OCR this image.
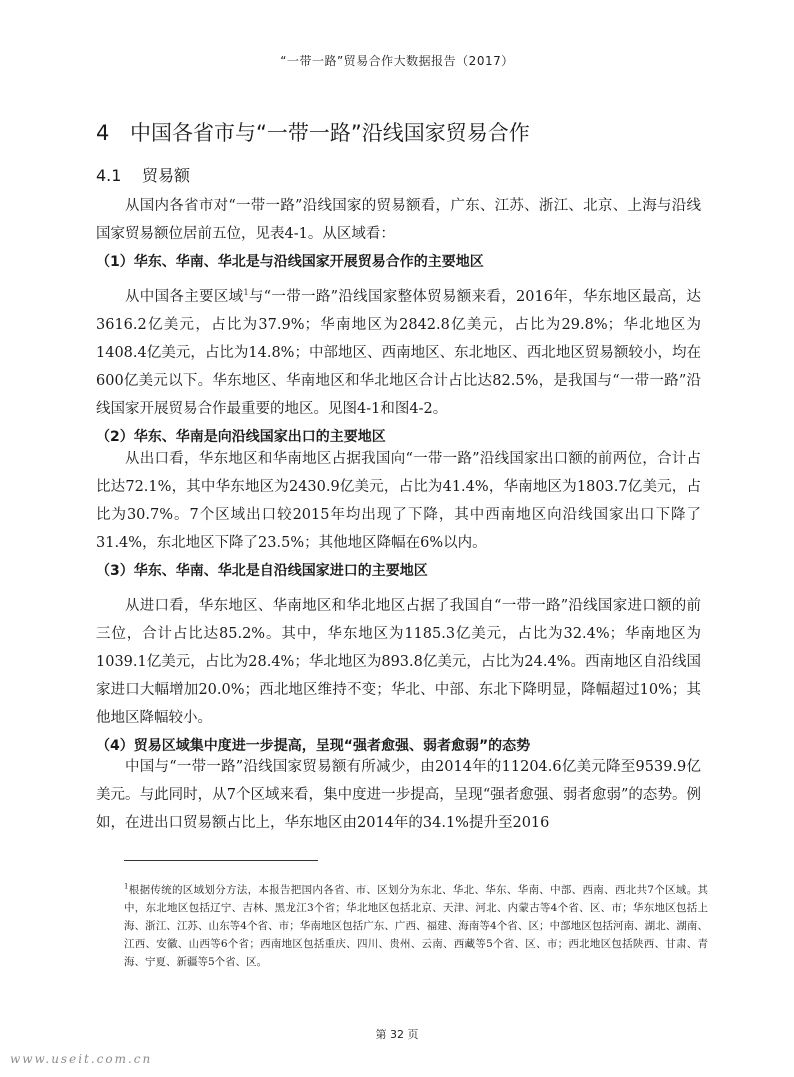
“一带一路”贸易合作大数据报告（2017）
4 中国各省市与“一带一路”沿线国家贸易合作
4.1 贸易额
从国内各省市对“一带一路”沿线国家的贸易额看，广东、江苏、浙江、北京、上海与沿线国家贸易额位居前五位，见表4-1。从区域看：
（1）华东、华南、华北是与沿线国家开展贸易合作的主要地区
从中国各主要区域$^1$与“一带一路”沿线国家整体贸易额来看，2016年，华东地区最高，达3616.2亿美元，占比为37.9%；华南地区为2842.8亿美元，占比为29.8%；华北地区为1408.4亿美元，占比为14.8%；中部地区、西南地区、东北地区、西北地区贸易额较小，均在600亿美元以下。华东地区、华南地区和华北地区合计占比达82.5%，是我国与“一带一路”沿线国家开展贸易合作最重要的地区。见图4-1和图4-2。
（2）华东、华南是向沿线国家出口的主要地区
从出口看，华东地区和华南地区占据我国向“一带一路”沿线国家出口额的前两位，合计占比达72.1%，其中华东地区为2430.9亿美元，占比为41.4%，华南地区为1803.7亿美元，占比为30.7%。7个区域出口较2015年均出现了下降，其中西南地区向沿线国家出口下降了31.4%，东北地区下降了23.5%；其他地区降幅在6%以内。
（3）华东、华南、华北是自沿线国家进口的主要地区
从进口看，华东地区、华南地区和华北地区占据了我国自“一带一路”沿线国家进口额的前三位，合计占比达85.2%。其中，华东地区为1185.3亿美元，占比为32.4%；华南地区为1039.1亿美元，占比为28.4%；华北地区为893.8亿美元，占比为24.4%。西南地区自沿线国家进口大幅增加20.0%；西北地区维持不变；华北、中部、东北下降明显，降幅超过10%；其他地区降幅较小。
（4）贸易区域集中度进一步提高，呈现“强者愈强、弱者愈弱”的态势
中国与“一带一路”沿线国家贸易额有所减少，由2014年的11204.6亿美元降至9539.9亿美元。与此同时，从7个区域来看，集中度进一步提高，呈现“强者愈强、弱者愈弱”的态势。例如，在进出口贸易额占比上，华东地区由2014年的34.1%提升至2016
$^1$根据传统的区域划分方法，本报告把国内各省、市、区划分为东北、华北、华东、华南、中部、西南、西北共7个区域。其中，东北地区包括辽宁、吉林、黑龙江3个省；华北地区包括北京、天津、河北、内蒙古等4个省、区、市；华东地区包括上海、浙江、江苏、山东等4个省、市；华南地区包括广东、广西、福建、海南等4个省、区；中部地区包括河南、湖北、湖南、江西、安徽、山西等6个省；西南地区包括重庆、四川、贵州、云南、西藏等5个省、区、市；西北地区包括陕西、甘肃、青海、宁夏、新疆等5个省、区。
第 32 页
www.useit.com.cn
